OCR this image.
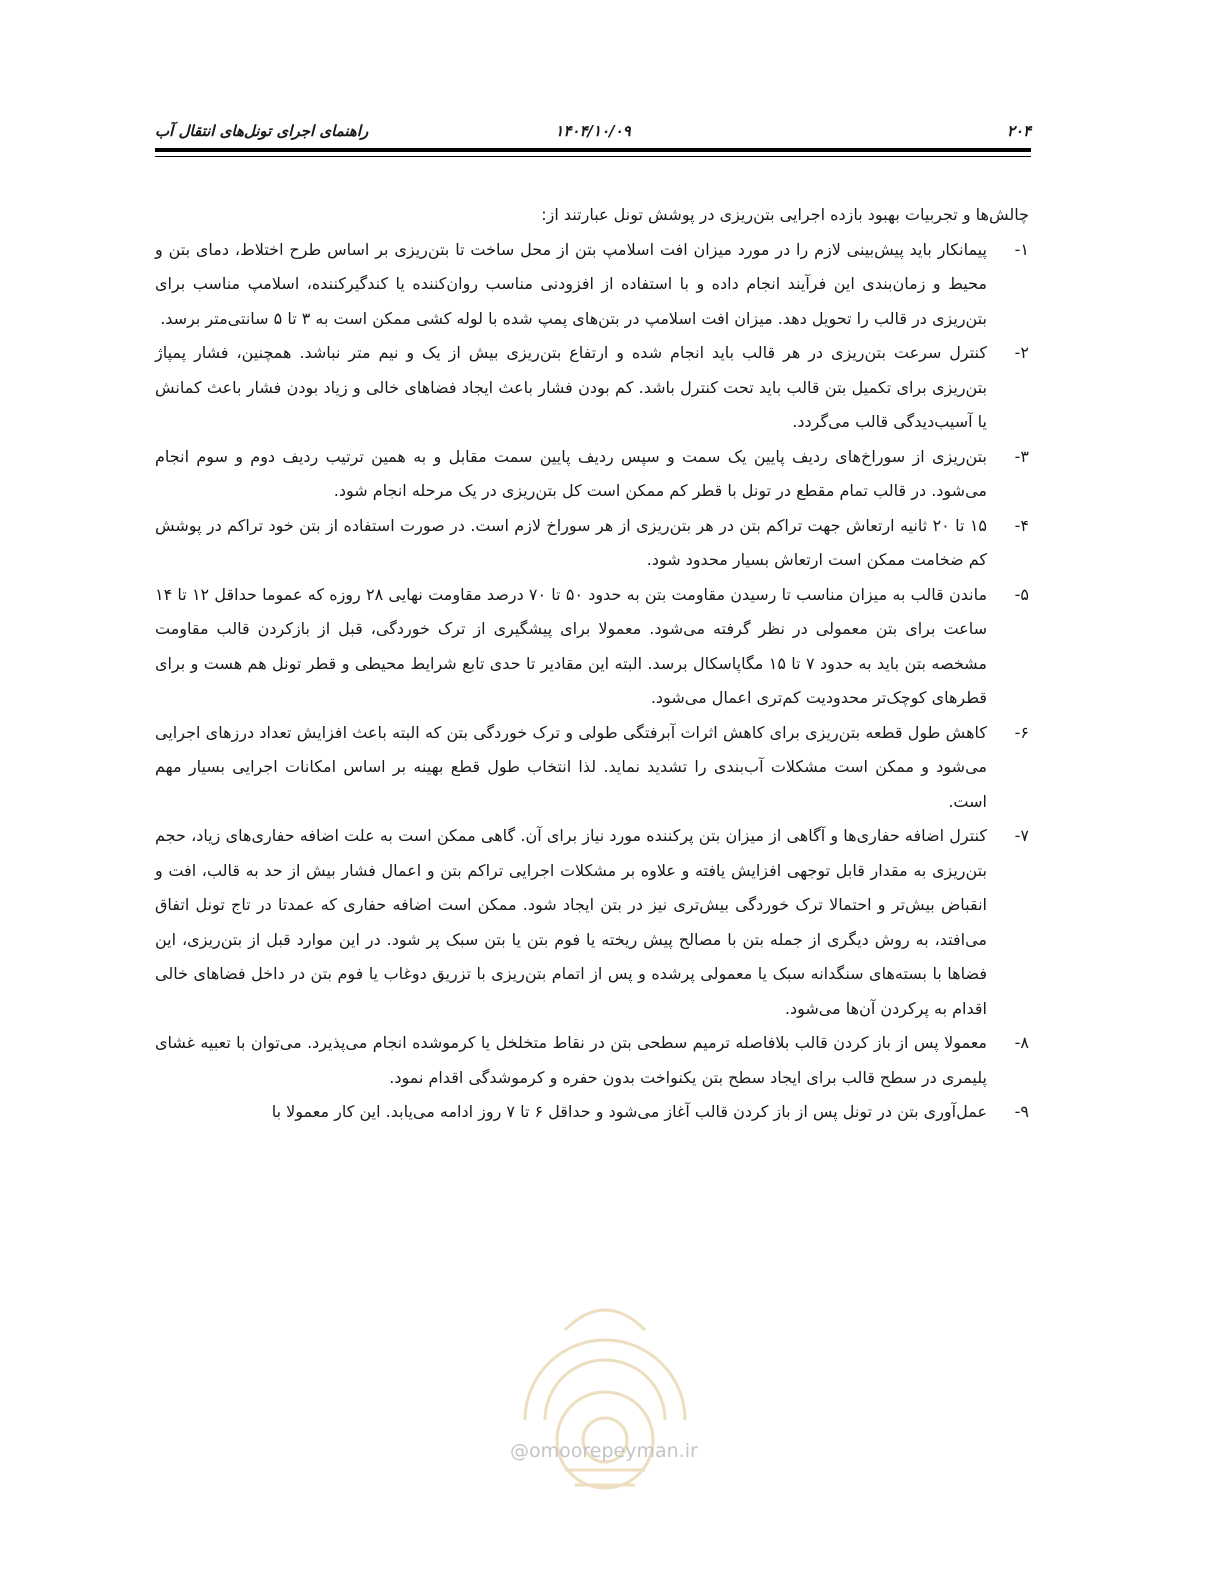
۲۰۴
۱۴۰۴/۱۰/۰۹
راهنمای اجرای تونل‌های انتقال آب

چالش‌ها و تجربیات بهبود بازده اجرایی بتن‌ریزی در پوشش تونل عبارتند از:

۱-
پیمانکار باید پیش‌بینی لازم را در مورد میزان افت اسلامپ بتن از محل ساخت تا بتن‌ریزی بر اساس طرح اختلاط، دمای بتن و محیط و زمان‌بندی این فرآیند انجام داده و با استفاده از افزودنی مناسب روان‌کننده یا کندگیرکننده، اسلامپ مناسب برای بتن‌ریزی در قالب را تحویل دهد. میزان افت اسلامپ در بتن‌های پمپ شده با لوله کشی ممکن است به ۳ تا ۵ سانتی‌متر برسد.
۲-
کنترل سرعت بتن‌ریزی در هر قالب باید انجام شده و ارتفاع بتن‌ریزی بیش از یک و نیم متر نباشد. همچنین، فشار پمپاژ بتن‌ریزی برای تکمیل بتن قالب باید تحت کنترل باشد. کم بودن فشار باعث ایجاد فضاهای خالی و زیاد بودن فشار باعث کمانش یا آسیب‌دیدگی قالب می‌گردد.
۳-
بتن‌ریزی از سوراخ‌های ردیف پایین یک سمت و سپس ردیف پایین سمت مقابل و به همین ترتیب ردیف دوم و سوم انجام می‌شود. در قالب تمام مقطع در تونل با قطر کم ممکن است کل بتن‌ریزی در یک مرحله انجام شود.
۴-
۱۵ تا ۲۰ ثانیه ارتعاش جهت تراکم بتن در هر بتن‌ریزی از هر سوراخ لازم است. در صورت استفاده از بتن خود تراکم در پوشش کم ضخامت ممکن است ارتعاش بسیار محدود شود.
۵-
ماندن قالب به میزان مناسب تا رسیدن مقاومت بتن به حدود ۵۰ تا ۷۰ درصد مقاومت نهایی ۲۸ روزه که عموما حداقل ۱۲ تا ۱۴ ساعت برای بتن معمولی در نظر گرفته می‌شود. معمولا برای پیشگیری از ترک خوردگی، قبل از بازکردن قالب مقاومت مشخصه بتن باید به حدود ۷ تا ۱۵ مگاپاسکال برسد. البته این مقادیر تا حدی تابع شرایط محیطی و قطر تونل هم هست و برای قطرهای کوچک‌تر محدودیت کم‌تری اعمال می‌شود.
۶-
کاهش طول قطعه بتن‌ریزی برای کاهش اثرات آبرفتگی طولی و ترک خوردگی بتن که البته باعث افزایش تعداد درزهای اجرایی می‌شود و ممکن است مشکلات آب‌بندی را تشدید نماید. لذا انتخاب طول قطع بهینه بر اساس امکانات اجرایی بسیار مهم است.
۷-
کنترل اضافه حفاری‌ها و آگاهی از میزان بتن پرکننده مورد نیاز برای آن. گاهی ممکن است به علت اضافه حفاری‌های زیاد، حجم بتن‌ریزی به مقدار قابل توجهی افزایش یافته و علاوه بر مشکلات اجرایی تراکم بتن و اعمال فشار بیش از حد به قالب، افت و انقباض بیش‌تر و احتمالا ترک خوردگی بیش‌تری نیز در بتن ایجاد شود. ممکن است اضافه حفاری که عمدتا در تاج تونل اتفاق می‌افتد، به روش دیگری از جمله بتن با مصالح پیش ریخته یا فوم بتن یا بتن سبک پر شود. در این موارد قبل از بتن‌ریزی، این فضاها با بسته‌های سنگدانه سبک یا معمولی پرشده و پس از اتمام بتن‌ریزی با تزریق دوغاب یا فوم بتن در داخل فضاهای خالی اقدام به پرکردن آن‌ها می‌شود.
۸-
معمولا پس از باز کردن قالب بلافاصله ترمیم سطحی بتن در نقاط متخلخل یا کرموشده انجام می‌پذیرد. می‌توان با تعبیه غشای پلیمری در سطح قالب برای ایجاد سطح بتن یکنواخت بدون حفره و کرموشدگی اقدام نمود.
۹-
عمل‌آوری بتن در تونل پس از باز کردن قالب آغاز می‌شود و حداقل ۶ تا ۷ روز ادامه می‌یابد. این کار معمولا با
@omoorepeyman.ir
